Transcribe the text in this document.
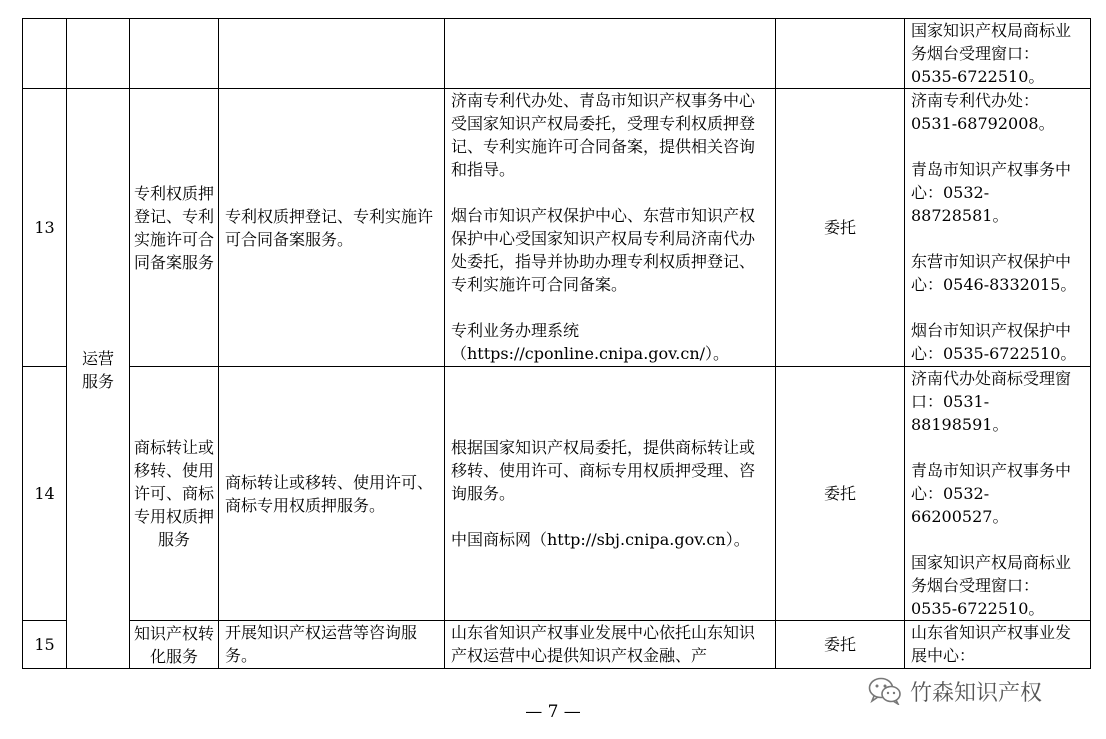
						国家知识产权局商标业务烟台受理窗口：0535-6722510。

13	运营服务	专利权质押登记、专利实施许可合同备案服务	专利权质押登记、专利实施许可合同备案服务。	济南专利代办处、青岛市知识产权事务中心受国家知识产权局委托，受理专利权质押登记、专利实施许可合同备案，提供相关咨询和指导。
烟台市知识产权保护中心、东营市知识产权保护中心受国家知识产权局专利局济南代办处委托，指导并协助办理专利权质押登记、专利实施许可合同备案。
专利业务办理系统（https://cponline.cnipa.gov.cn/）。	委托	济南专利代办处：0531-68792008。
青岛市知识产权事务中心：0532-88728581。
东营市知识产权保护中心：0546-8332015。
烟台市知识产权保护中心：0535-6722510。

14		商标转让或移转、使用许可、商标专用权质押服务	商标转让或移转、使用许可、 商标专用权质押服务。	根据国家知识产权局委托，提供商标转让或移转、使用许可、商标专用权质押受理、咨询服务。
中国商标网（http://sbj.cnipa.gov.cn）。	委托	济南代办处商标受理窗口：0531-88198591。
青岛市知识产权事务中心：0532-66200527。
国家知识产权局商标业务烟台受理窗口：0535-6722510。

15		知识产权转化服务	开展知识产权运营等咨询服务。	山东省知识产权事业发展中心依托山东知识产权运营中心提供知识产权金融、产	委托	山东省知识产权事业发展中心：
竹森知识产权
— 7 —
